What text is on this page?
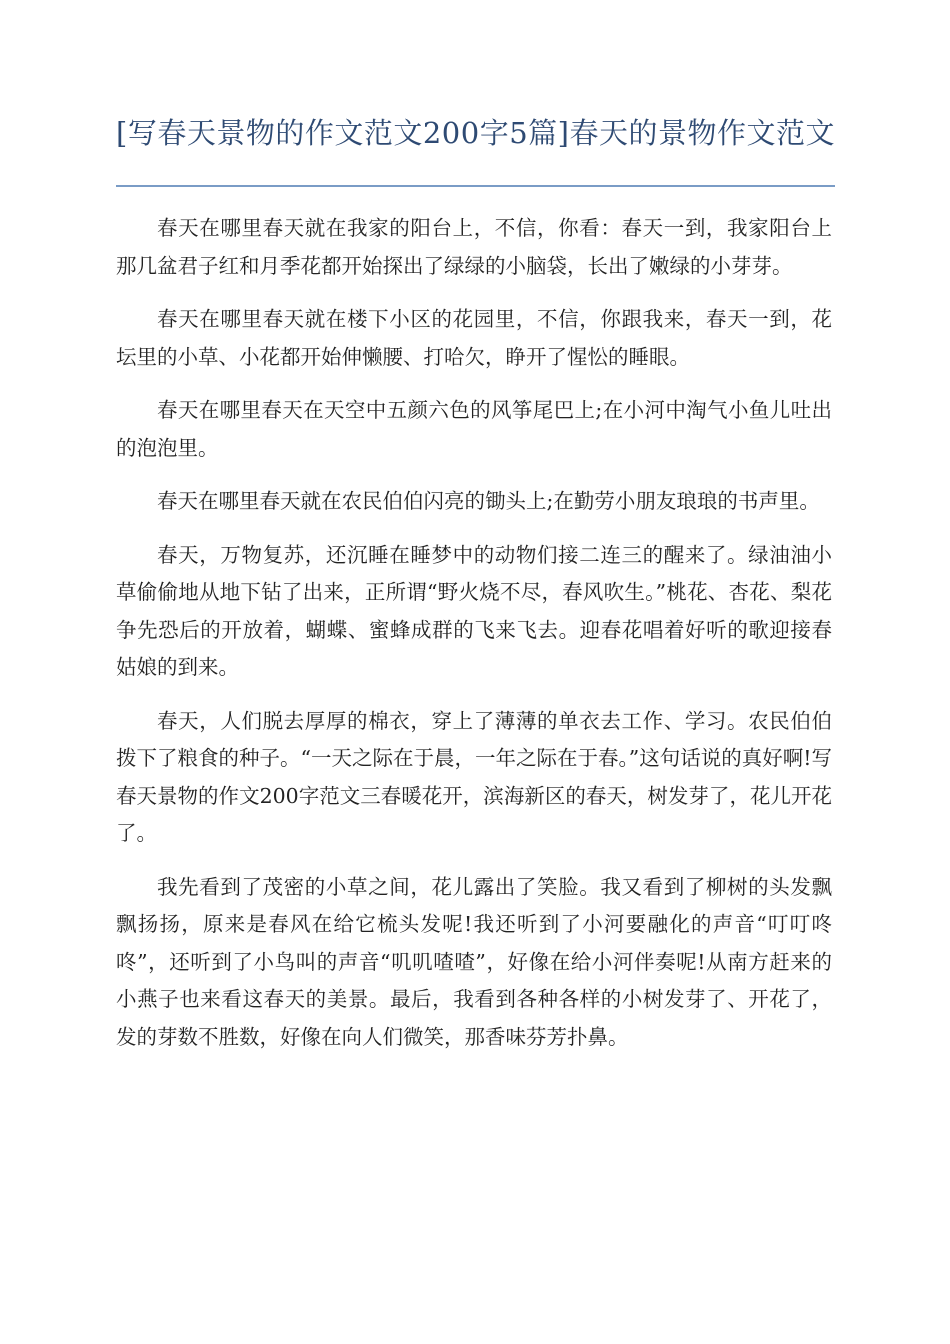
[写春天景物的作文范文200字5篇]春天的景物作文范文

春天在哪里春天就在我家的阳台上，不信，你看：春天一到，我家阳台上那几盆君子红和月季花都开始探出了绿绿的小脑袋，长出了嫩绿的小芽芽。

春天在哪里春天就在楼下小区的花园里，不信，你跟我来，春天一到，花坛里的小草、小花都开始伸懒腰、打哈欠，睁开了惺忪的睡眼。

春天在哪里春天在天空中五颜六色的风筝尾巴上;在小河中淘气小鱼儿吐出的泡泡里。

春天在哪里春天就在农民伯伯闪亮的锄头上;在勤劳小朋友琅琅的书声里。

春天，万物复苏，还沉睡在睡梦中的动物们接二连三的醒来了。绿油油小草偷偷地从地下钻了出来，正所谓“野火烧不尽，春风吹生。”桃花、杏花、梨花争先恐后的开放着，蝴蝶、蜜蜂成群的飞来飞去。迎春花唱着好听的歌迎接春姑娘的到来。

春天，人们脱去厚厚的棉衣，穿上了薄薄的单衣去工作、学习。农民伯伯拨下了粮食的种子。“一天之际在于晨，一年之际在于春。”这句话说的真好啊!写春天景物的作文200字范文三春暖花开，滨海新区的春天，树发芽了，花儿开花了。

我先看到了茂密的小草之间，花儿露出了笑脸。我又看到了柳树的头发飘飘扬扬，原来是春风在给它梳头发呢!我还听到了小河要融化的声音“叮叮咚咚”，还听到了小鸟叫的声音“叽叽喳喳”，好像在给小河伴奏呢!从南方赶来的小燕子也来看这春天的美景。最后，我看到各种各样的小树发芽了、开花了，发的芽数不胜数，好像在向人们微笑，那香味芬芳扑鼻。
